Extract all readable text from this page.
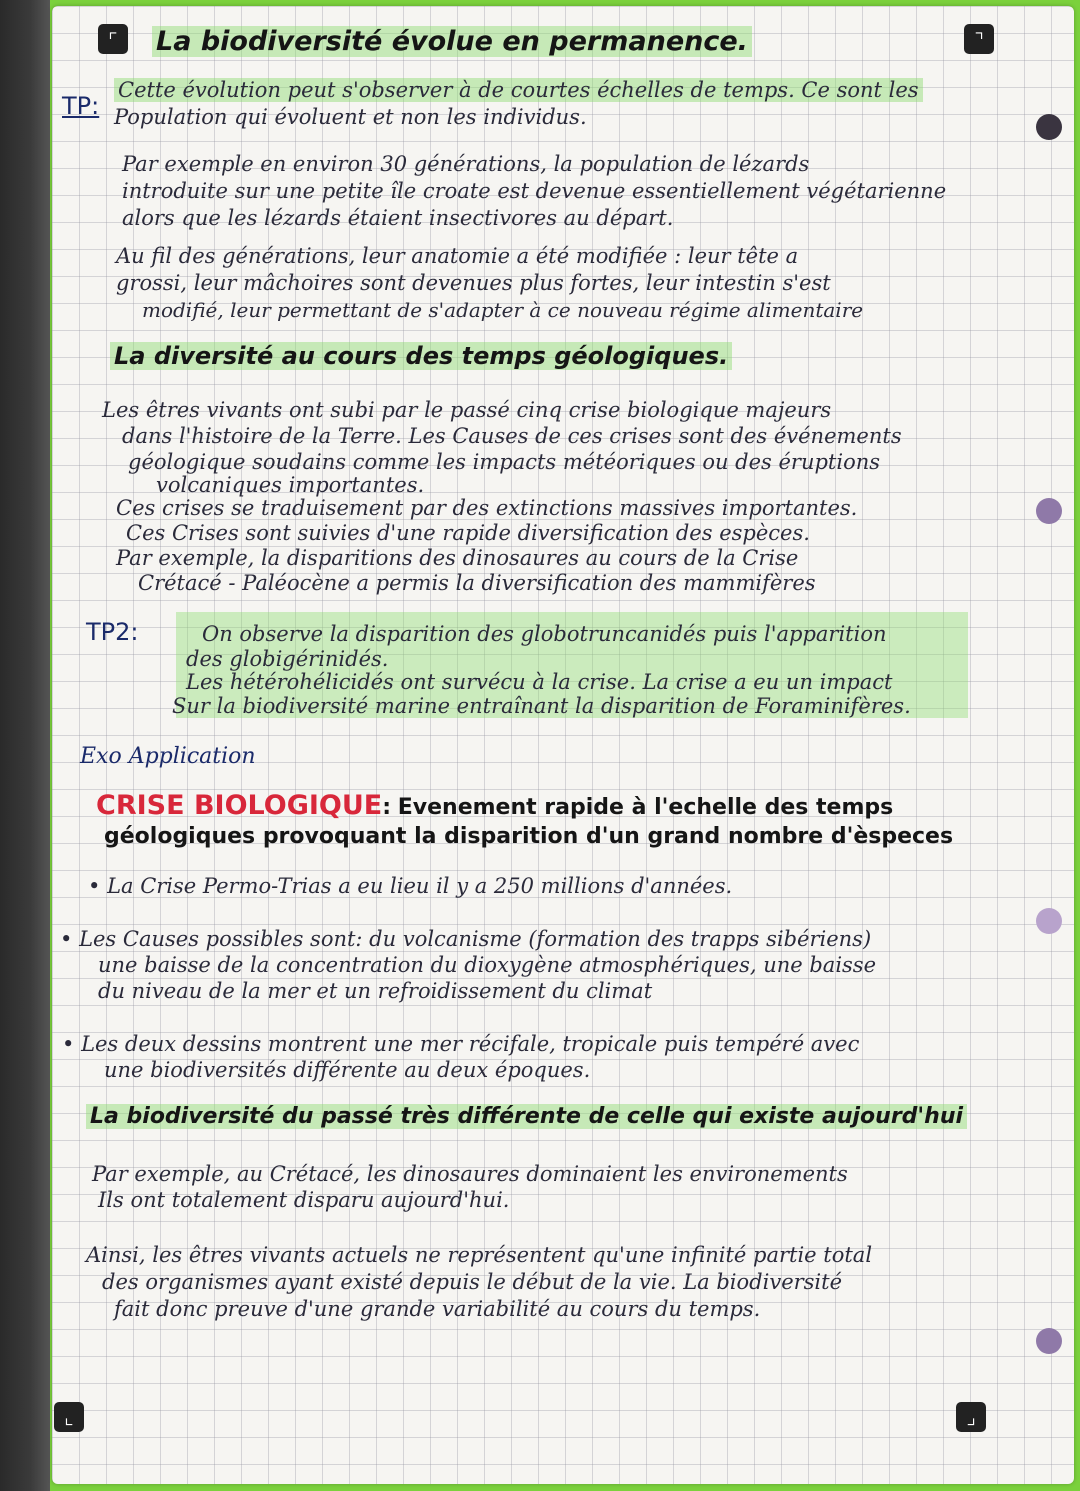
⌜	⌝
⌞	⌟
La biodiversité évolue en permanence.
TP:
Cette évolution peut s'observer à de courtes échelles de temps. Ce sont les
Population qui évoluent et non les individus.
Par exemple en environ 30 générations, la population de lézards
introduite sur une petite île croate est devenue essentiellement végétarienne
alors que les lézards étaient insectivores au départ.
Au fil des générations, leur anatomie a été modifiée : leur tête a
grossi, leur mâchoires sont devenues plus fortes, leur intestin s'est
modifié, leur permettant de s'adapter à ce nouveau régime alimentaire
La diversité au cours des temps géologiques.
Les êtres vivants ont subi par le passé cinq crise biologique majeurs
dans l'histoire de la Terre. Les Causes de ces crises sont des événements
géologique soudains comme les impacts météoriques ou des éruptions
volcaniques importantes.
Ces crises se traduisement par des extinctions massives importantes.
Ces Crises sont suivies d'une rapide diversification des espèces.
Par exemple, la disparitions des dinosaures au cours de la Crise
Crétacé - Paléocène a permis la diversification des mammifères
TP2:	On observe la disparition des globotruncanidés puis l'apparition
des globigérinidés.
Les hétérohélicidés ont survécu à la crise. La crise a eu un impact
Sur la biodiversité marine entraînant la disparition de Foraminifères.
Exo Application
CRISE BIOLOGIQUE: Evenement rapide à l'echelle des temps
géologiques provoquant la disparition d'un grand nombre d'èspeces
• La Crise Permo-Trias a eu lieu il y a 250 millions d'années.
• Les Causes possibles sont: du volcanisme (formation des trapps sibériens)
une baisse de la concentration du dioxygène atmosphériques, une baisse
du niveau de la mer et un refroidissement du climat
• Les deux dessins montrent une mer récifale, tropicale puis tempéré avec
une biodiversités différente au deux époques.
La biodiversité du passé très différente de celle qui existe aujourd'hui
Par exemple, au Crétacé, les dinosaures dominaient les environements
Ils ont totalement disparu aujourd'hui.
Ainsi, les êtres vivants actuels ne représentent qu'une infinité partie total
des organismes ayant existé depuis le début de la vie. La biodiversité
fait donc preuve d'une grande variabilité au cours du temps.
